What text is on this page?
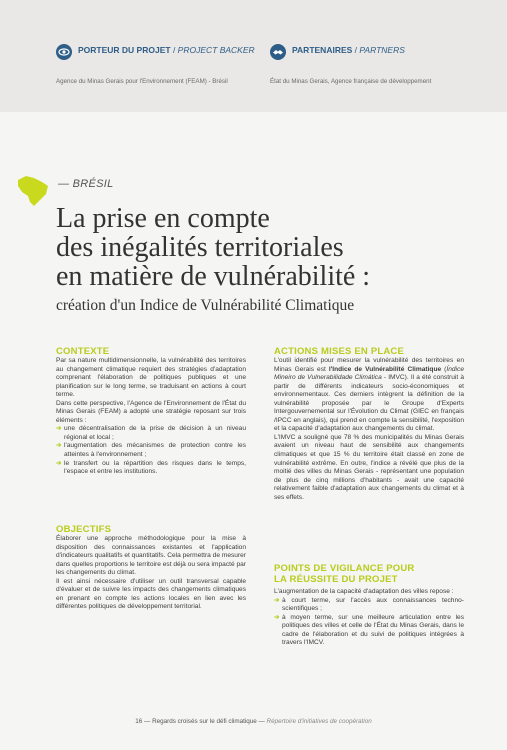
PORTEUR DU PROJET / PROJECT BACKER
Agence du Minas Gerais pour l'Environnement (FEAM) - Brésil
PARTENAIRES / PARTNERS
État du Minas Gerais, Agence française de développement
— BRÉSIL
La prise en compte
des inégalités territoriales
en matière de vulnérabilité :
création d'un Indice de Vulnérabilité Climatique
CONTEXTE

Par sa nature multidimensionnelle, la vulnérabilité des territoires au changement climatique requiert des stratégies d'adaptation comprenant l'élaboration de politiques publiques et une planification sur le long terme, se traduisant en actions à court terme.

Dans cette perspective, l'Agence de l'Environnement de l'État du Minas Gerais (FEAM) a adopté une stratégie reposant sur trois éléments :

➔ une décentralisation de la prise de décision à un niveau régional et local ;
➔ l'augmentation des mécanismes de protection contre les atteintes à l'environnement ;
➔ le transfert ou la répartition des risques dans le temps, l'espace et entre les institutions.
OBJECTIFS

Élaborer une approche méthodologique pour la mise à disposition des connaissances existantes et l'application d'indicateurs qualitatifs et quantitatifs. Cela permettra de mesurer dans quelles proportions le territoire est déjà ou sera impacté par les changements du climat.

Il est ainsi nécessaire d'utiliser un outil transversal capable d'évaluer et de suivre les impacts des changements climatiques en prenant en compte les actions locales en lien avec les différentes politiques de développement territorial.

ACTIONS MISES EN PLACE

L'outil identifié pour mesurer la vulnérabilité des territoires en Minas Gerais est l'Indice de Vulnérabilité Climatique (Índice Mineiro de Vulnerabilidade Climática - IMVC). Il a été construit à partir de différents indicateurs socio-économiques et environnementaux. Ces derniers intègrent la définition de la vulnérabilité proposée par le Groupe d'Experts Intergouvernemental sur l'Évolution du Climat (GIEC en français /IPCC en anglais), qui prend en compte la sensibilité, l'exposition et la capacité d'adaptation aux changements du climat.

L'IMVC a souligné que 78 % des municipalités du Minas Gerais avaient un niveau haut de sensibilité aux changements climatiques et que 15 % du territoire était classé en zone de vulnérabilité extrême. En outre, l'indice a révélé que plus de la moitié des villes du Minas Gerais - représentant une population de plus de cinq millions d'habitants - avait une capacité relativement faible d'adaptation aux changements du climat et à ses effets.

POINTS DE VIGILANCE POUR
LA RÉUSSITE DU PROJET

L'augmentation de la capacité d'adaptation des villes repose :

➔ à court terme, sur l'accès aux connaissances techno-scientifiques ;
➔ à moyen terme, sur une meilleure articulation entre les politiques des villes et celle de l'État du Minas Gerais, dans le cadre de l'élaboration et du suivi de politiques intégrées à travers l'IMCV.
16 — Regards croisés sur le défi climatique — Répertoire d'initiatives de coopération
